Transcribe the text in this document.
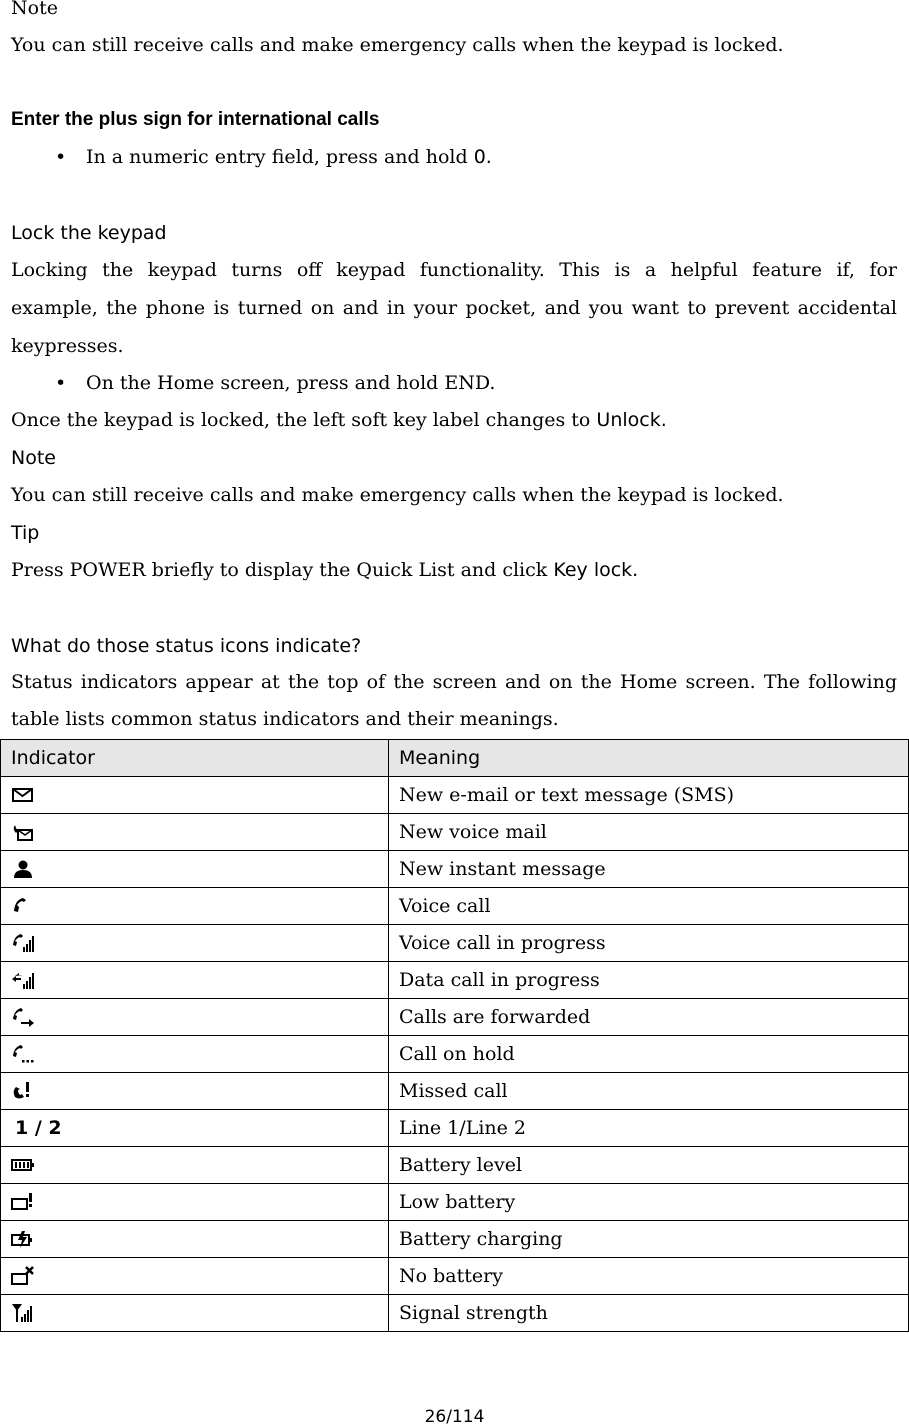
Note
You can still receive calls and make emergency calls when the keypad is locked.
Enter the plus sign for international calls
• In a numeric entry field, press and hold 0.
Lock the keypad
Locking the keypad turns off keypad functionality. This is a helpful feature if, for
example, the phone is turned on and in your pocket, and you want to prevent accidental
keypresses.
• On the Home screen, press and hold END.
Once the keypad is locked, the left soft key label changes to Unlock.
Note
You can still receive calls and make emergency calls when the keypad is locked.
Tip
Press POWER briefly to display the Quick List and click Key lock.
What do those status icons indicate?
Status indicators appear at the top of the screen and on the Home screen. The following
table lists common status indicators and their meanings.
Indicator	Meaning

	New e-mail or text message (SMS)

	New voice mail

	New instant message

	Voice call

	Voice call in progress

	Data call in progress

	Calls are forwarded

	Call on hold

	Missed call
1 / 2	Line 1/Line 2

	Battery level

	Low battery

	Battery charging

	No battery

	Signal strength
26/114
